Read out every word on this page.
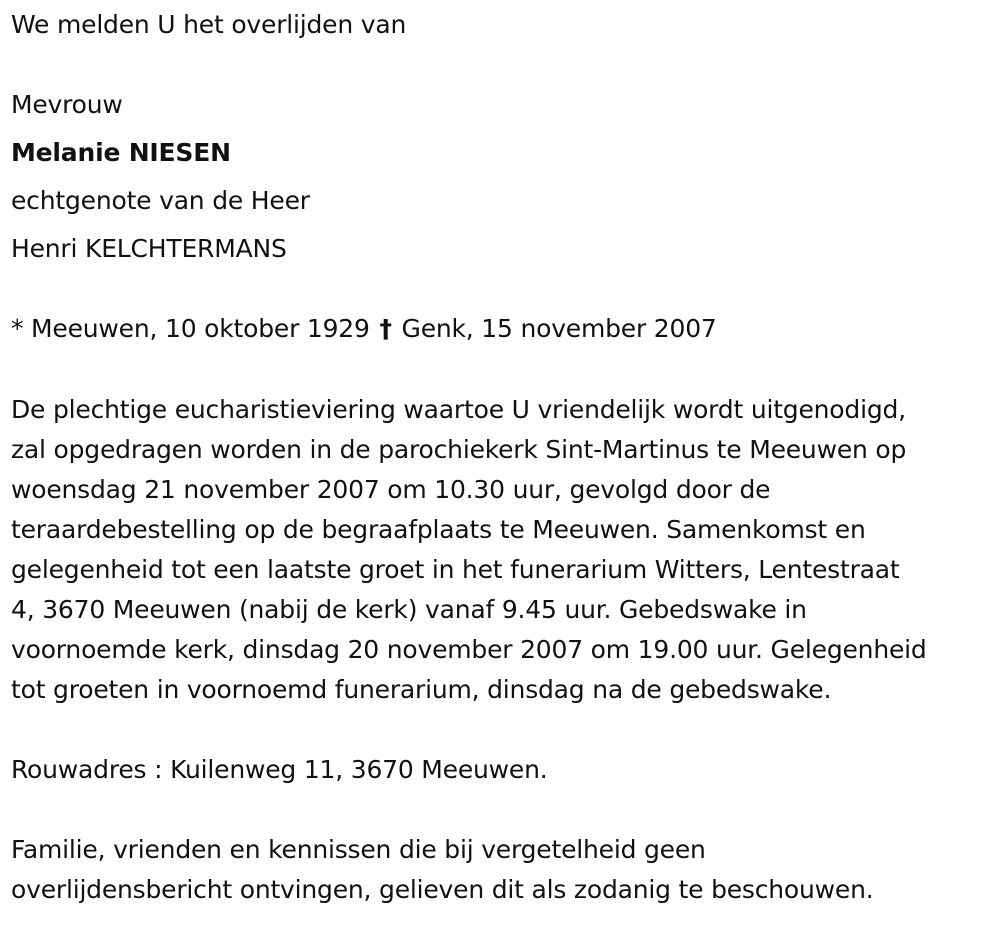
We melden U het overlijden van

Mevrouw

Melanie NIESEN

echtgenote van de Heer

Henri KELCHTERMANS

* Meeuwen, 10 oktober 1929 † Genk, 15 november 2007

De plechtige eucharistieviering waartoe U vriendelijk wordt uitgenodigd,
zal opgedragen worden in de parochiekerk Sint-Martinus te Meeuwen op
woensdag 21 november 2007 om 10.30 uur, gevolgd door de
teraardebestelling op de begraafplaats te Meeuwen. Samenkomst en
gelegenheid tot een laatste groet in het funerarium Witters, Lentestraat
4, 3670 Meeuwen (nabij de kerk) vanaf 9.45 uur. Gebedswake in
voornoemde kerk, dinsdag 20 november 2007 om 19.00 uur. Gelegenheid
tot groeten in voornoemd funerarium, dinsdag na de gebedswake.

Rouwadres : Kuilenweg 11, 3670 Meeuwen.

Familie, vrienden en kennissen die bij vergetelheid geen
overlijdensbericht ontvingen, gelieven dit als zodanig te beschouwen.
